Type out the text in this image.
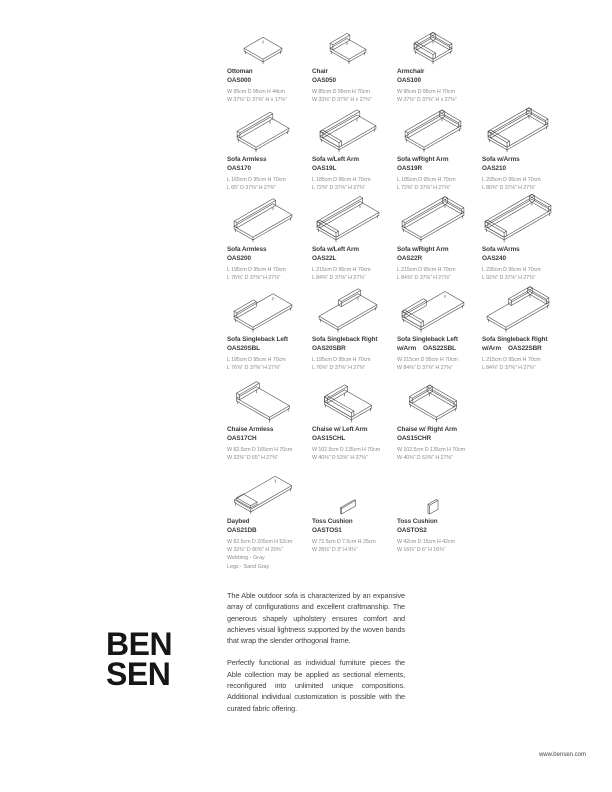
Ottoman
OAS000
W 95cm D 95cm H 44cm
W 37⅜" D 37⅜" H x 17⅜"
Chair
OAS050
W 85cm D 95cm H 70cm
W 33⅜" D 37⅜" H x 27⅜"
Armchair
OAS100
W 95cm D 95cm H 70cm
W 37⅜" D 37⅜" H x 27⅜"
Sofa Armless
OAS170
L 165cm D 95cm H 70cm
L 65" D 37⅜" H 27⅜"
Sofa w/Left Arm
OAS19L
L 185cm D 95cm H 70cm
L 72⅜" D 37⅜" H 27⅜"
Sofa w/Right Arm
OAS19R
L 185cm D 95cm H 70cm
L 72⅜" D 37⅜" H 27⅜"
Sofa w/Arms
OAS210
L 205cm D 95cm H 70cm
L 80⅜" D 37⅜" H 27⅜"
Sofa Armless
OAS200
L 195cm D 95cm H 70cm
L 76⅜" D 37⅜" H 27⅜"
Sofa w/Left Arm
OAS22L
L 215cm D 95cm H 70cm
L 84⅜" D 37⅜" H 27⅜"
Sofa w/Right Arm
OAS22R
L 215cm D 95cm H 70cm
L 84⅜" D 37⅜" H 27⅜"
Sofa w/Arms
OAS240
L 235cm D 95cm H 70cm
L 92⅜" D 37⅜" H 27⅜"
Sofa Singleback Left
OAS20SBL
L 195cm D 95cm H 70cm
L 76⅜" D 37⅜" H 27⅜"
Sofa Singleback Right
OAS20SBR
L 195cm D 95cm H 70cm
L 76⅜" D 37⅜" H 27⅜"
Sofa Singleback Left
w/Arm OAS22SBL
W 215cm D 95cm H 70cm
W 84⅜" D 37⅜" H 27⅜"
Sofa Singleback Right
w/Arm OAS22SBR
L 215cm D 95cm H 70cm
L 84⅜" D 37⅜" H 27⅜"
Chaise Armless
OAS17CH
W 82.5cm D 165cm H 70cm
W 32⅜" D 65" H 27⅜"
Chaise w/ Left Arm
OAS15CHL
W 102.5cm D 135cm H 70cm
W 40⅜" D 53⅜" H 27⅜"
Chaise w/ Right Arm
OAS15CHR
W 102.5cm D 135cm H 70cm
W 40⅜" D 53⅜" H 27⅜"
Daybed
OAS21DB
W 82.5cm D 205cm H 52cm
W 32⅜" D 80⅜" H 20⅜"
Toss Cushion
OASTOS1
W 72.5cm D 7.5cm H 25cm
W 28⅜" D 3" H 9⅜"
Toss Cushion
OASTOS2
W 42cm D 15cm H 42cm
W 16⅜" D 6" H 16⅜"
Webbing - Gray
Legs - Sand Gray
BEN
SEN

The Able outdoor sofa is characterized by an expansive array of configurations and excellent craftmanship. The generous shapely upholstery ensures comfort and achieves visual lightness supported by the woven bands that wrap the slender orthogonal frame.

Perfectly functional as individual furniture pieces the Able collection may be applied as sectional elements, reconfigured into unlimited unique compositions. Additional individual customization is possible with the curated fabric offering.

www.bensen.com
